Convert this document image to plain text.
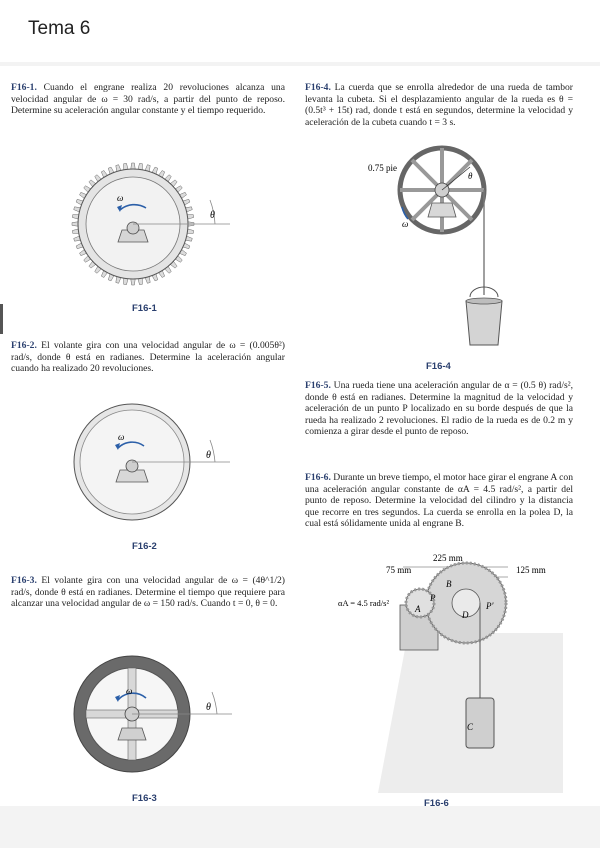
Tema 6
F16-1. Cuando el engrane realiza 20 revoluciones alcanza una velocidad angular de ω = 30 rad/s, a partir del punto de reposo. Determine su aceleración angular constante y el tiempo requerido.
F16-2. El volante gira con una velocidad angular de ω = (0.005θ²) rad/s, donde θ está en radianes. Determine la aceleración angular cuando ha realizado 20 revoluciones.
F16-3. El volante gira con una velocidad angular de ω = (4θ^1/2) rad/s, donde θ está en radianes. Determine el tiempo que requiere para alcanzar una velocidad angular de ω = 150 rad/s. Cuando t = 0, θ = 0.
F16-4. La cuerda que se enrolla alrededor de una rueda de tambor levanta la cubeta. Si el desplazamiento angular de la rueda es θ = (0.5t³ + 15t) rad, donde t está en segundos, determine la velocidad y aceleración de la cubeta cuando t = 3 s.
F16-5. Una rueda tiene una aceleración angular de α = (0.5 θ) rad/s², donde θ está en radianes. Determine la magnitud de la velocidad y aceleración de un punto P localizado en su borde después de que la rueda ha realizado 2 revoluciones. El radio de la rueda es de 0.2 m y comienza a girar desde el punto de reposo.
F16-6. Durante un breve tiempo, el motor hace girar el engrane A con una aceleración angular constante de αA = 4.5 rad/s², a partir del punto de reposo. Determine la velocidad del cilindro y la distancia que recorre en tres segundos. La cuerda se enrolla en la polea D, la cual está sólidamente unida al engrane B.
θ
ω
F16-1
θ
ω
F16-2
θ
ω
F16-3
0.75 pie
θ
ω
F16-4
225 mm
75 mm	125 mm
αA = 4.5 rad/s²
A
B
P
D
P'
C
F16-6
